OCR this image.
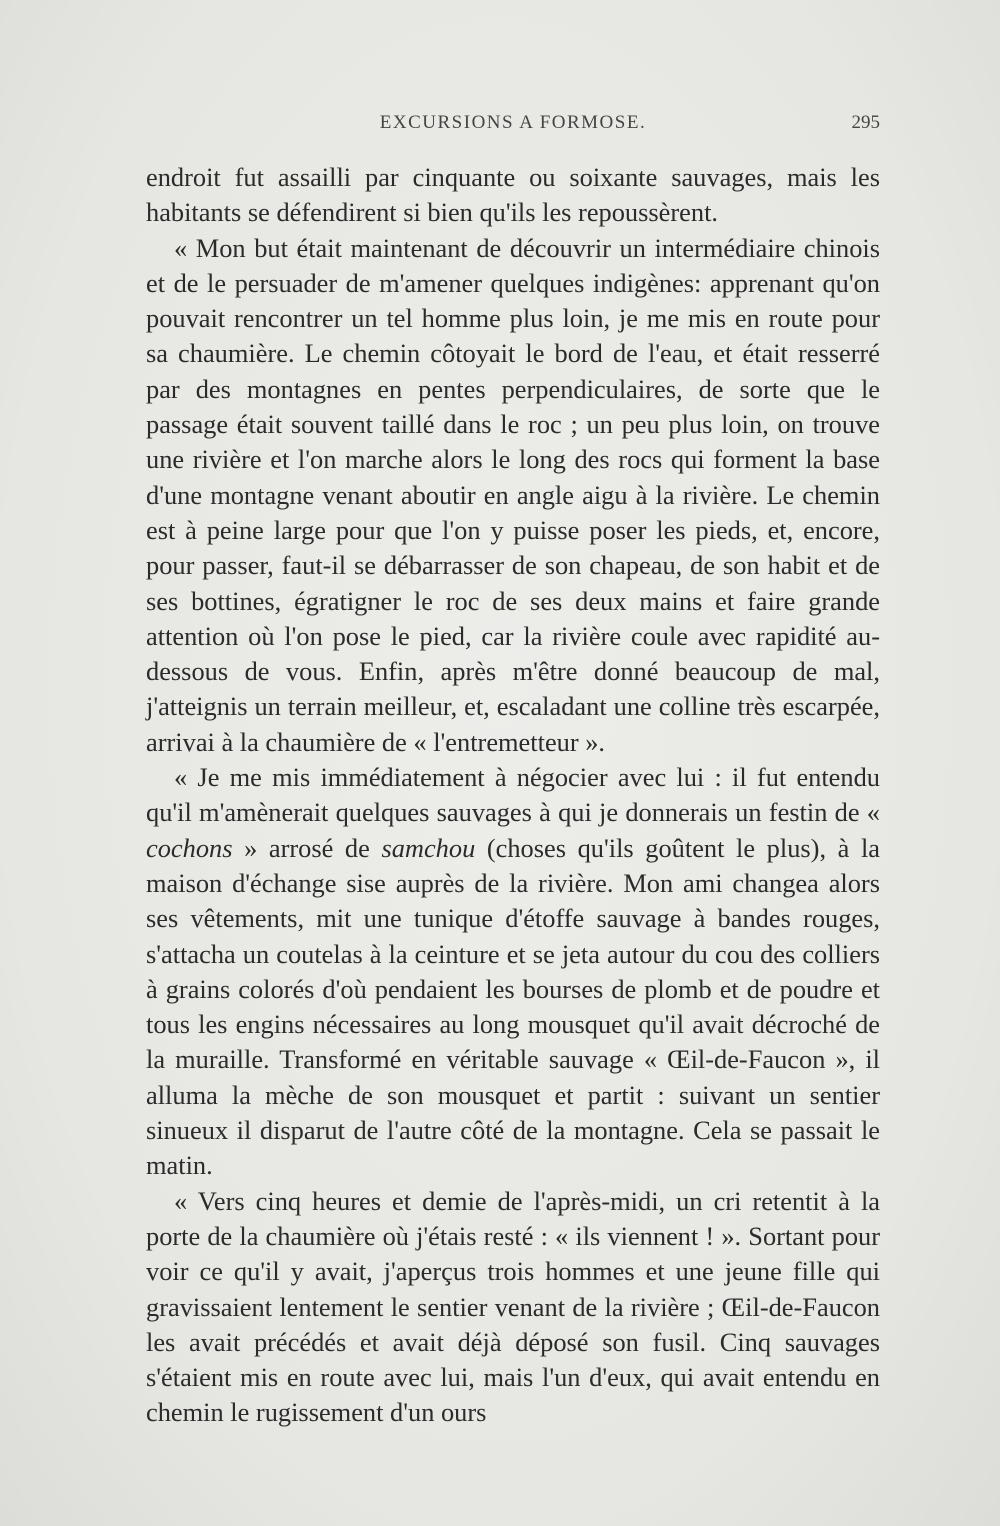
EXCURSIONS A FORMOSE.	295

endroit fut assailli par cinquante ou soixante sauvages, mais les habitants se défendirent si bien qu'ils les repoussèrent.

« Mon but était maintenant de découvrir un intermédiaire chinois et de le persuader de m'amener quelques indigènes: apprenant qu'on pouvait rencontrer un tel homme plus loin, je me mis en route pour sa chaumière. Le chemin côtoyait le bord de l'eau, et était resserré par des montagnes en pentes perpendiculaires, de sorte que le passage était souvent taillé dans le roc ; un peu plus loin, on trouve une rivière et l'on marche alors le long des rocs qui forment la base d'une montagne venant aboutir en angle aigu à la rivière. Le chemin est à peine large pour que l'on y puisse poser les pieds, et, encore, pour passer, faut-il se débarrasser de son chapeau, de son habit et de ses bottines, égratigner le roc de ses deux mains et faire grande attention où l'on pose le pied, car la rivière coule avec rapidité au-dessous de vous. Enfin, après m'être donné beaucoup de mal, j'atteignis un terrain meilleur, et, escaladant une colline très escarpée, arrivai à la chaumière de « l'entremetteur ».

« Je me mis immédiatement à négocier avec lui : il fut entendu qu'il m'amènerait quelques sauvages à qui je donnerais un festin de « cochons » arrosé de samchou (choses qu'ils goûtent le plus), à la maison d'échange sise auprès de la rivière. Mon ami changea alors ses vêtements, mit une tunique d'étoffe sauvage à bandes rouges, s'attacha un coutelas à la ceinture et se jeta autour du cou des colliers à grains colorés d'où pendaient les bourses de plomb et de poudre et tous les engins nécessaires au long mousquet qu'il avait décroché de la muraille. Transformé en véritable sauvage « Œil-de-Faucon », il alluma la mèche de son mousquet et partit : suivant un sentier sinueux il disparut de l'autre côté de la montagne. Cela se passait le matin.

« Vers cinq heures et demie de l'après-midi, un cri retentit à la porte de la chaumière où j'étais resté : « ils viennent ! ». Sortant pour voir ce qu'il y avait, j'aperçus trois hommes et une jeune fille qui gravissaient lentement le sentier venant de la rivière ; Œil-de-Faucon les avait précédés et avait déjà déposé son fusil. Cinq sauvages s'étaient mis en route avec lui, mais l'un d'eux, qui avait entendu en chemin le rugissement d'un ours
